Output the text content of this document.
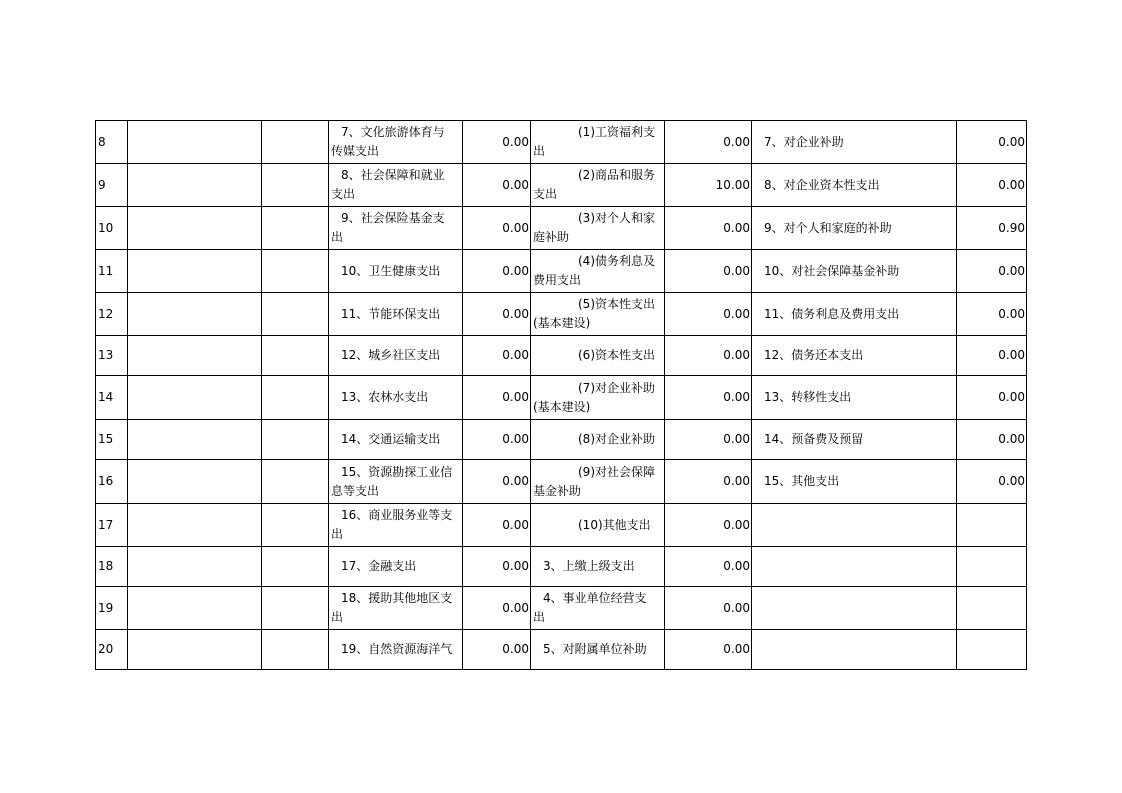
8			7、文化旅游体育与
传媒支出	0.00	(1)工资福利支
出	0.00	7、对企业补助	0.00
9			8、社会保障和就业
支出	0.00	(2)商品和服务
支出	10.00	8、对企业资本性支出	0.00
10			9、社会保险基金支
出	0.00	(3)对个人和家
庭补助	0.00	9、对个人和家庭的补助	0.90
11			10、卫生健康支出	0.00	(4)债务利息及
费用支出	0.00	10、对社会保障基金补助	0.00
12			11、节能环保支出	0.00	(5)资本性支出
(基本建设)	0.00	11、债务利息及费用支出	0.00
13			12、城乡社区支出	0.00	(6)资本性支出	0.00	12、债务还本支出	0.00
14			13、农林水支出	0.00	(7)对企业补助
(基本建设)	0.00	13、转移性支出	0.00
15			14、交通运输支出	0.00	(8)对企业补助	0.00	14、预备费及预留	0.00
16			15、资源勘探工业信
息等支出	0.00	(9)对社会保障
基金补助	0.00	15、其他支出	0.00
17			16、商业服务业等支
出	0.00	(10)其他支出	0.00		
18			17、金融支出	0.00	3、上缴上级支出	0.00		
19			18、援助其他地区支
出	0.00	4、事业单位经营支
出	0.00		
20			19、自然资源海洋气	0.00	5、对附属单位补助	0.00		
